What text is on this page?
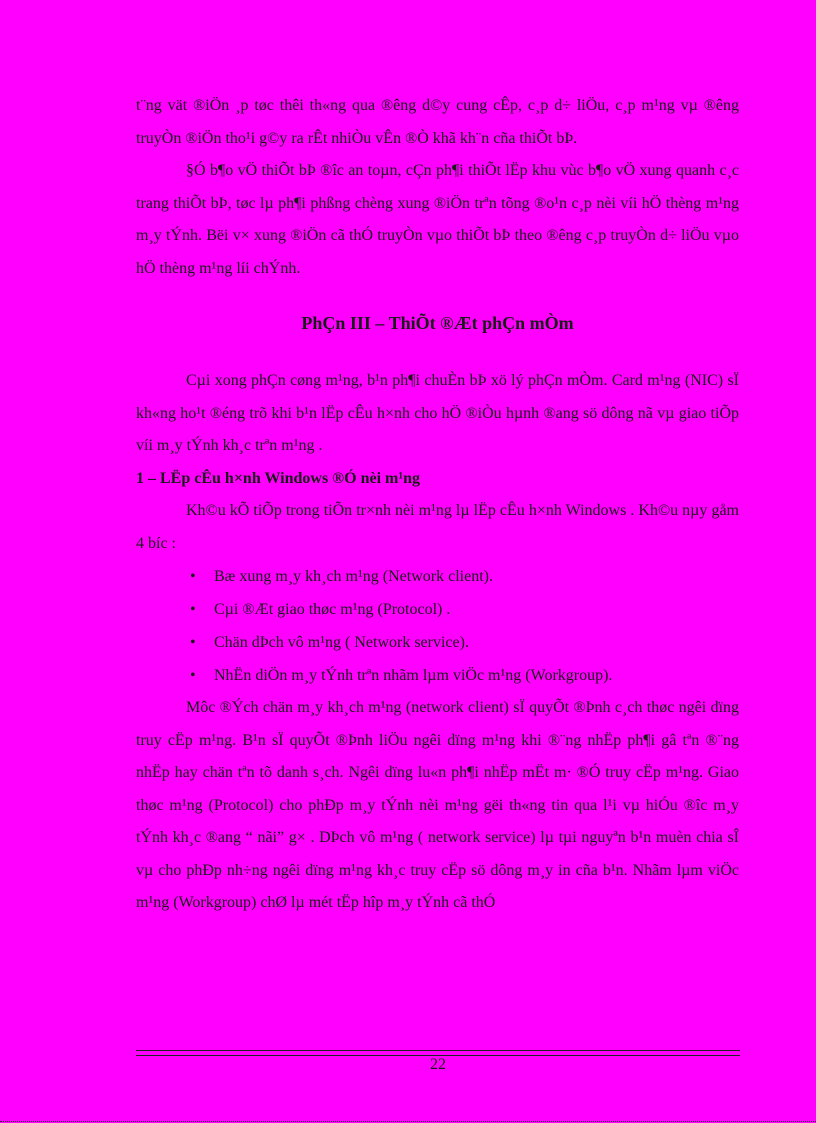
t¨ng vät ®iÖn ¸p tøc thêi th«ng qua ®êng d©y cung cÊp, c¸p d÷ liÖu, c¸p m¹ng vµ ®êng truyÒn ®iÖn tho¹i g©y ra rÊt nhiÒu vÊn ®Ò khã kh¨n cña thiÕt bÞ.

§Ó b¶o vÖ thiÕt bÞ ®îc an toµn, cÇn ph¶i thiÕt lËp khu vùc b¶o vÖ xung quanh c¸c trang thiÕt bÞ, tøc lµ ph¶i phßng chèng xung ®iÖn trªn tõng ®o¹n c¸p nèi víi hÖ thèng m¹ng m¸y tÝnh. Bëi v× xung ®iÖn cã thÓ truyÒn vµo thiÕt bÞ theo ®êng c¸p truyÒn d÷ liÖu vµo hÖ thèng m¹ng líi chÝnh.

PhÇn III – ThiÕt ®Æt phÇn mÒm

Cµi xong phÇn cøng m¹ng, b¹n ph¶i chuÈn bÞ xö lý phÇn mÒm. Card m¹ng (NIC) sÏ kh«ng ho¹t ®éng trõ khi b¹n lËp cÊu h×nh cho hÖ ®iÒu hµnh ®ang sö dông nã vµ giao tiÕp víi m¸y tÝnh kh¸c trªn m¹ng .

1 – LËp cÊu h×nh Windows ®Ó nèi m¹ng

Kh©u kÕ tiÕp trong tiÕn tr×nh nèi m¹ng lµ lËp cÊu h×nh Windows . Kh©u nµy gåm 4 bíc :

• Bæ xung m¸y kh¸ch m¹ng (Network client).
• Cµi ®Æt giao thøc m¹ng (Protocol) .
• Chän dÞch vô m¹ng ( Network service).
• NhËn diÖn m¸y tÝnh trªn nhãm lµm viÖc m¹ng (Workgroup).

Môc ®Ých chän m¸y kh¸ch m¹ng (network client) sÏ quyÕt ®Þnh c¸ch thøc ngêi dïng truy cËp m¹ng. B¹n sÏ quyÕt ®Þnh liÖu ngêi dïng m¹ng khi ®¨ng nhËp ph¶i gâ tªn ®¨ng nhËp hay chän tªn tõ danh s¸ch. Ngêi dïng lu«n ph¶i nhËp mËt m· ®Ó truy cËp m¹ng. Giao thøc m¹ng (Protocol) cho phÐp m¸y tÝnh nèi m¹ng gëi th«ng tin qua l¹i vµ hiÓu ®îc m¸y tÝnh kh¸c ®ang “ nãi” g× . DÞch vô m¹ng ( network service) lµ tµi nguyªn b¹n muèn chia sÎ vµ cho phÐp nh÷ng ngêi dïng m¹ng kh¸c truy cËp sö dông m¸y in cña b¹n. Nhãm lµm viÖc m¹ng (Workgroup) chØ lµ mét tËp hîp m¸y tÝnh cã thÓ

22
